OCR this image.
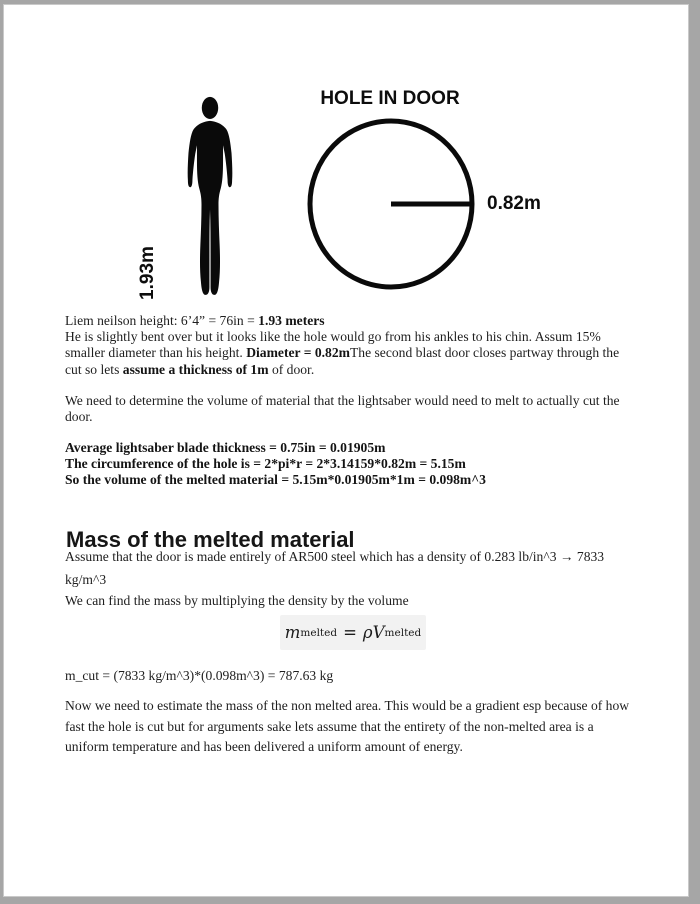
1.93m
HOLE IN DOOR
0.82m
Liem neilson height: 6’4” = 76in = 1.93 meters
He is slightly bent over but it looks like the hole would go from his ankles to his chin. Assum 15% smaller diameter than his height. Diameter = 0.82mThe second blast door closes partway through the cut so lets assume a thickness of 1m of door.
We need to determine the volume of material that the lightsaber would need to melt to actually cut the door.
Average lightsaber blade thickness = 0.75in = 0.01905m
The circumference of the hole is = 2*pi*r = 2*3.14159*0.82m = 5.15m
So the volume of the melted material = 5.15m*0.01905m*1m = 0.098m^3
Mass of the melted material
Assume that the door is made entirely of AR500 steel which has a density of 0.283 lb/in^3 → 7833 kg/m^3
We can find the mass by multiplying the density by the volume
m melted = ρV melted
m_cut = (7833 kg/m^3)*(0.098m^3) = 787.63 kg
Now we need to estimate the mass of the non melted area. This would be a gradient esp because of how fast the hole is cut but for arguments sake lets assume that the entirety of the non-melted area is a uniform temperature and has been delivered a uniform amount of energy.
